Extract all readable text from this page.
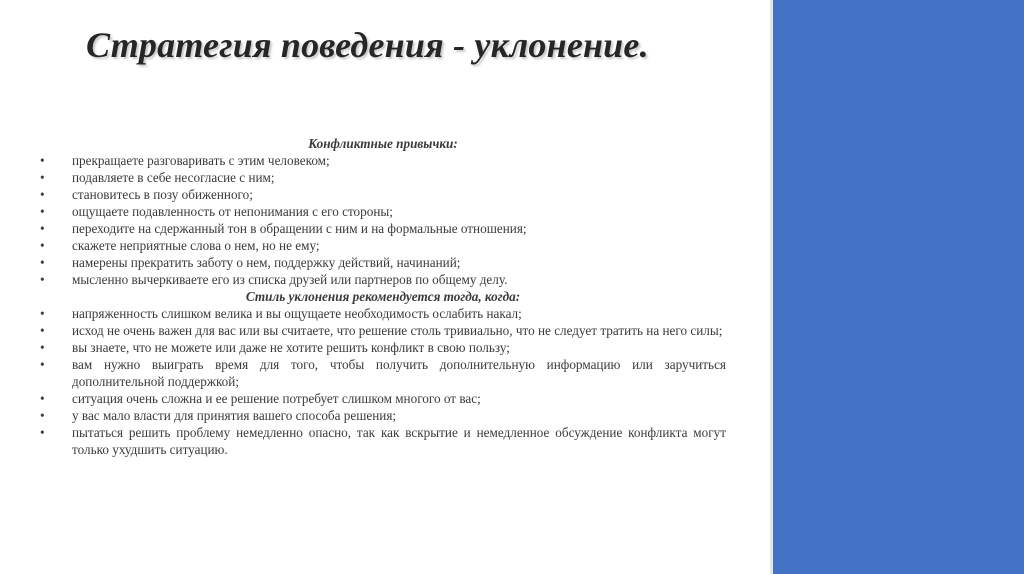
Стратегия поведения - уклонение.
Конфликтные привычки:
•	прекращаете разговаривать с этим человеком;
•	подавляете в себе несогласие с ним;
•	становитесь в позу обиженного;
•	ощущаете подавленность от непонимания с его стороны;
•	переходите на сдержанный тон в обращении с ним и на формальные отношения;
•	скажете неприятные слова о нем, но не ему;
•	намерены прекратить заботу о нем, поддержку действий, начинаний;
•	мысленно вычеркиваете его из списка друзей или партнеров по общему делу.
Стиль уклонения рекомендуется тогда, когда:
•	напряженность слишком велика и вы ощущаете необходимость ослабить накал;
•	исход не очень важен для вас или вы считаете, что решение столь тривиально, что не следует тратить на него силы;
•	вы знаете, что не можете или даже не хотите решить конфликт в свою пользу;
•	вам нужно выиграть время для того, чтобы получить дополнительную информацию или заручиться дополнительной поддержкой;
•	ситуация очень сложна и ее решение потребует слишком многого от вас;
•	у вас мало власти для принятия вашего способа решения;
•	пытаться решить проблему немедленно опасно, так как вскрытие и немедленное обсуждение конфликта могут только ухудшить ситуацию.
